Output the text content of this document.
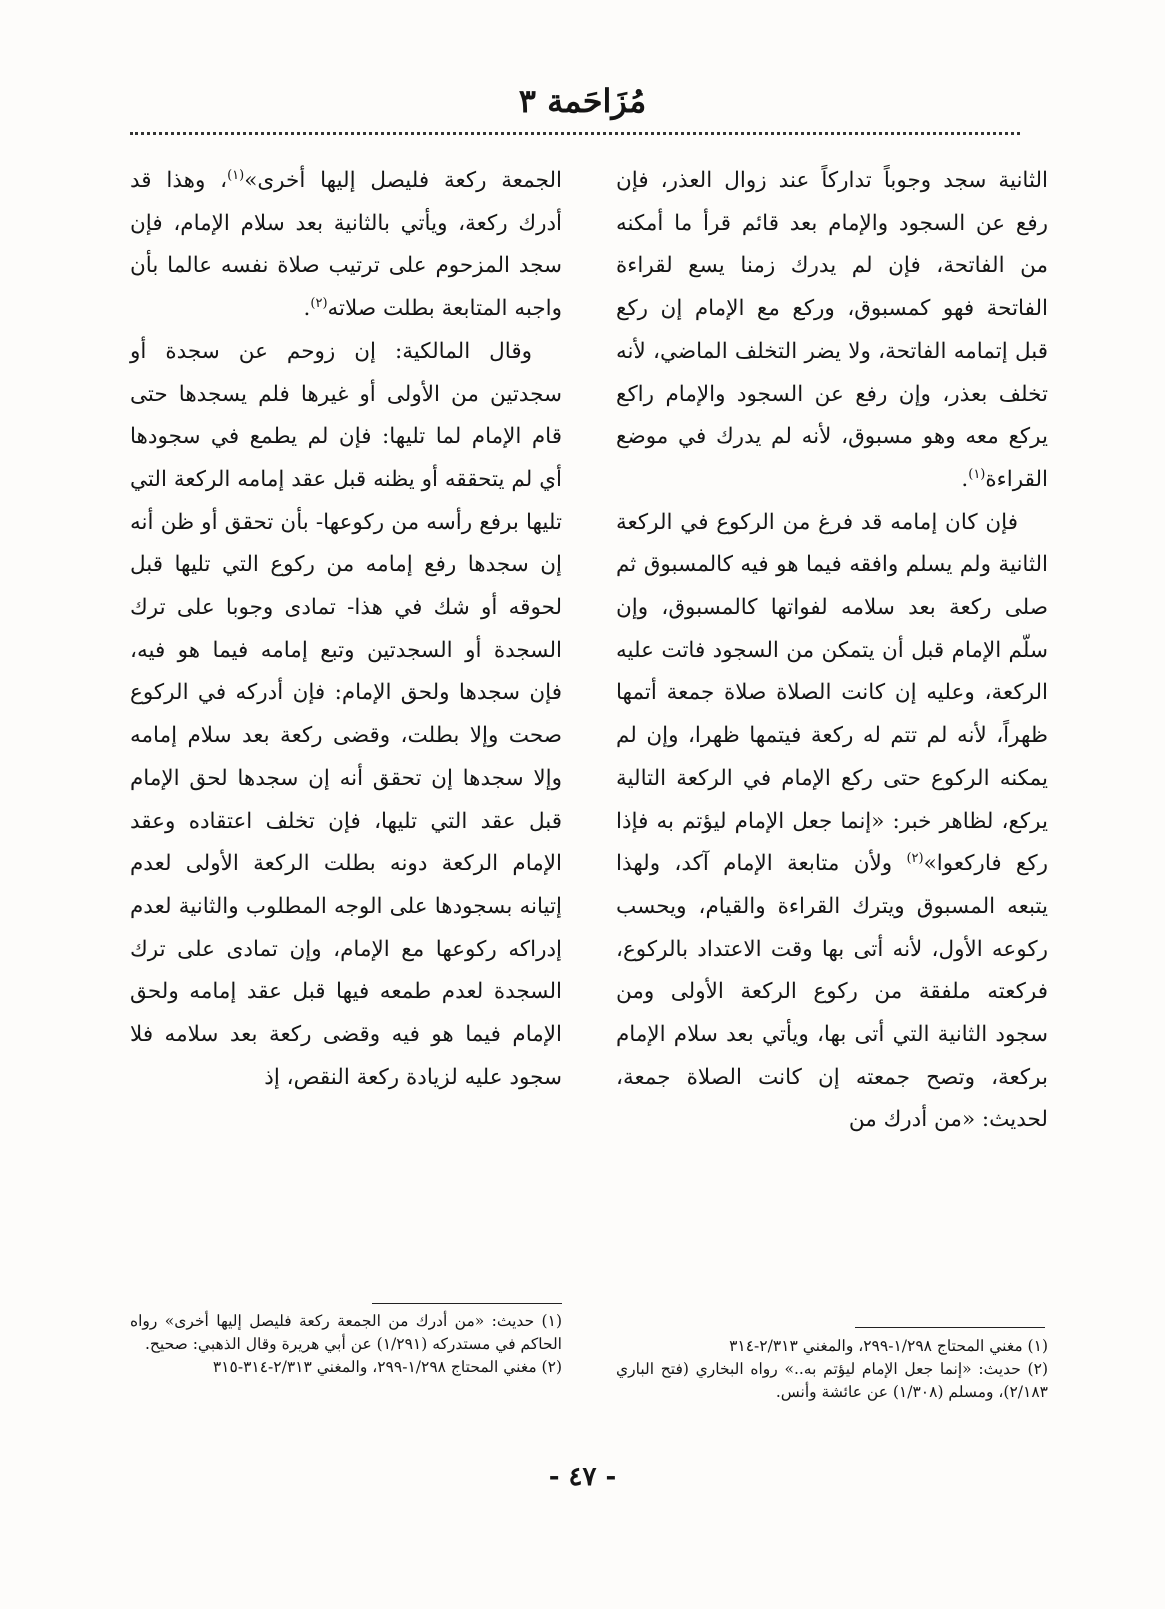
مُزَاحَمة ٣

الثانية سجد وجوباً تداركاً عند زوال العذر، فإن رفع عن السجود والإمام بعد قائم قرأ ما أمكنه من الفاتحة، فإن لم يدرك زمنا يسع لقراءة الفاتحة فهو كمسبوق، وركع مع الإمام إن ركع قبل إتمامه الفاتحة، ولا يضر التخلف الماضي، لأنه تخلف بعذر، وإن رفع عن السجود والإمام راكع يركع معه وهو مسبوق، لأنه لم يدرك في موضع القراءة$^{(١)}$.

فإن كان إمامه قد فرغ من الركوع في الركعة الثانية ولم يسلم وافقه فيما هو فيه كالمسبوق ثم صلى ركعة بعد سلامه لفواتها كالمسبوق، وإن سلّم الإمام قبل أن يتمكن من السجود فاتت عليه الركعة، وعليه إن كانت الصلاة صلاة جمعة أتمها ظهراً، لأنه لم تتم له ركعة فيتمها ظهرا، وإن لم يمكنه الركوع حتى ركع الإمام في الركعة التالية يركع، لظاهر خبر: «إنما جعل الإمام ليؤتم به فإذا ركع فاركعوا»$^{(٢)}$ ولأن متابعة الإمام آكد، ولهذا يتبعه المسبوق ويترك القراءة والقيام، ويحسب ركوعه الأول، لأنه أتى بها وقت الاعتداد بالركوع، فركعته ملفقة من ركوع الركعة الأولى ومن سجود الثانية التي أتى بها، ويأتي بعد سلام الإمام بركعة، وتصح جمعته إن كانت الصلاة جمعة، لحديث: «من أدرك من

الجمعة ركعة فليصل إليها أخرى»$^{(١)}$، وهذا قد أدرك ركعة، ويأتي بالثانية بعد سلام الإمام، فإن سجد المزحوم على ترتيب صلاة نفسه عالما بأن واجبه المتابعة بطلت صلاته$^{(٢)}$.

وقال المالكية: إن زوحم عن سجدة أو سجدتين من الأولى أو غيرها فلم يسجدها حتى قام الإمام لما تليها: فإن لم يطمع في سجودها أي لم يتحققه أو يظنه قبل عقد إمامه الركعة التي تليها برفع رأسه من ركوعها- بأن تحقق أو ظن أنه إن سجدها رفع إمامه من ركوع التي تليها قبل لحوقه أو شك في هذا- تمادى وجوبا على ترك السجدة أو السجدتين وتبع إمامه فيما هو فيه، فإن سجدها ولحق الإمام: فإن أدركه في الركوع صحت وإلا بطلت، وقضى ركعة بعد سلام إمامه وإلا سجدها إن تحقق أنه إن سجدها لحق الإمام قبل عقد التي تليها، فإن تخلف اعتقاده وعقد الإمام الركعة دونه بطلت الركعة الأولى لعدم إتيانه بسجودها على الوجه المطلوب والثانية لعدم إدراكه ركوعها مع الإمام، وإن تمادى على ترك السجدة لعدم طمعه فيها قبل عقد إمامه ولحق الإمام فيما هو فيه وقضى ركعة بعد سلامه فلا سجود عليه لزيادة ركعة النقص، إذ

(١) مغني المحتاج ١/٢٩٨-٢٩٩، والمغني ٢/٣١٣-٣١٤

(٢) حديث: «إنما جعل الإمام ليؤتم به..» رواه البخاري (فتح الباري ٢/١٨٣)، ومسلم (١/٣٠٨) عن عائشة وأنس.

(١) حديث: «من أدرك من الجمعة ركعة فليصل إليها أخرى» رواه الحاكم في مستدركه (١/٢٩١) عن أبي هريرة وقال الذهبي: صحيح.

(٢) مغني المحتاج ١/٢٩٨-٢٩٩، والمغني ٢/٣١٣-٣١٤-٣١٥

- ٤٧ -
